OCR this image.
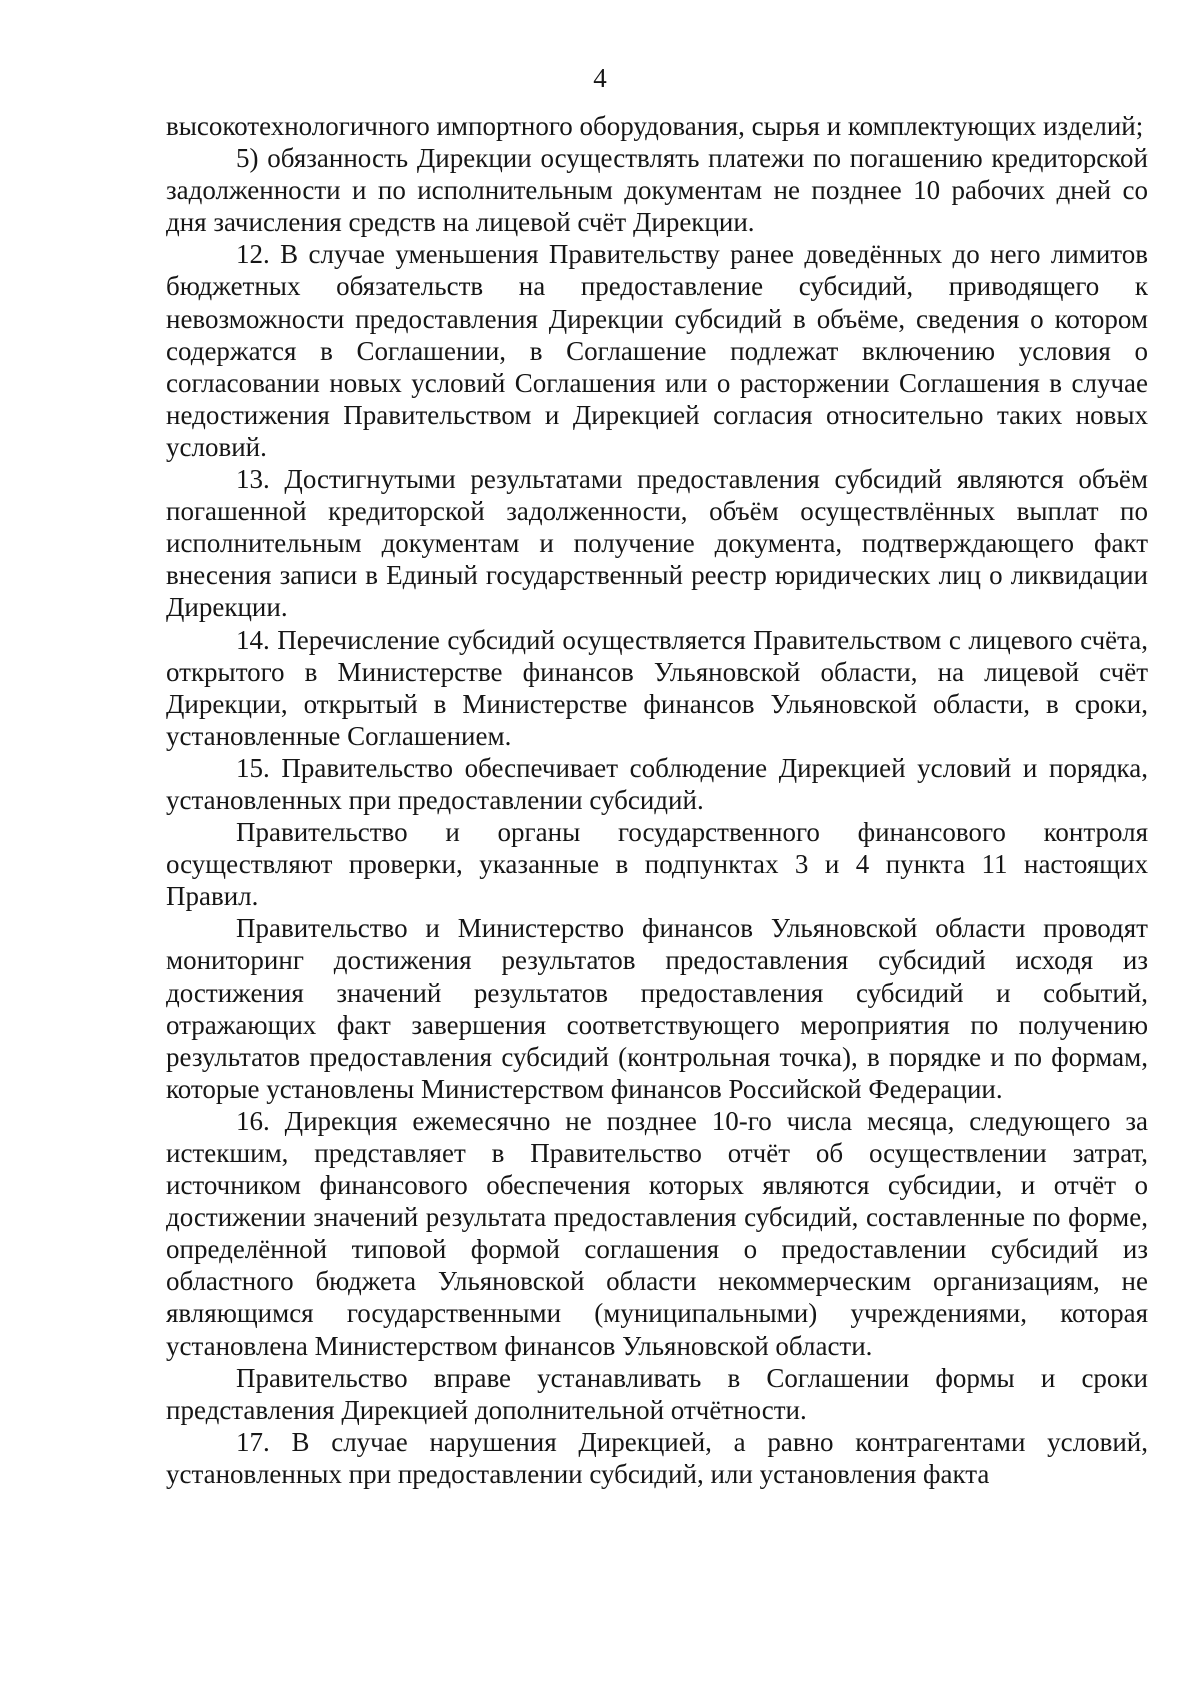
4

высокотехнологичного импортного оборудования, сырья и комплектующих изделий;

5) обязанность Дирекции осуществлять платежи по погашению кредиторской задолженности и по исполнительным документам не позднее 10 рабочих дней со дня зачисления средств на лицевой счёт Дирекции.

12. В случае уменьшения Правительству ранее доведённых до него лимитов бюджетных обязательств на предоставление субсидий, приводящего к невозможности предоставления Дирекции субсидий в объёме, сведения о котором содержатся в Соглашении, в Соглашение подлежат включению условия о согласовании новых условий Соглашения или о расторжении Соглашения в случае недостижения Правительством и Дирекцией согласия относительно таких новых условий.

13. Достигнутыми результатами предоставления субсидий являются объём погашенной кредиторской задолженности, объём осуществлённых выплат по исполнительным документам и получение документа, подтверждающего факт внесения записи в Единый государственный реестр юридических лиц о ликвидации Дирекции.

14. Перечисление субсидий осуществляется Правительством с лицевого счёта, открытого в Министерстве финансов Ульяновской области, на лицевой счёт Дирекции, открытый в Министерстве финансов Ульяновской области, в сроки, установленные Соглашением.

15. Правительство обеспечивает соблюдение Дирекцией условий и порядка, установленных при предоставлении субсидий.

Правительство и органы государственного финансового контроля осуществляют проверки, указанные в подпунктах 3 и 4 пункта 11 настоящих Правил.

Правительство и Министерство финансов Ульяновской области проводят мониторинг достижения результатов предоставления субсидий исходя из достижения значений результатов предоставления субсидий и событий, отражающих факт завершения соответствующего мероприятия по получению результатов предоставления субсидий (контрольная точка), в порядке и по формам, которые установлены Министерством финансов Российской Федерации.

16. Дирекция ежемесячно не позднее 10-го числа месяца, следующего за истекшим, представляет в Правительство отчёт об осуществлении затрат, источником финансового обеспечения которых являются субсидии, и отчёт о достижении значений результата предоставления субсидий, составленные по форме, определённой типовой формой соглашения о предоставлении субсидий из областного бюджета Ульяновской области некоммерческим организациям, не являющимся государственными (муниципальными) учреждениями, которая установлена Министерством финансов Ульяновской области.

Правительство вправе устанавливать в Соглашении формы и сроки представления Дирекцией дополнительной отчётности.

17. В случае нарушения Дирекцией, а равно контрагентами условий, установленных при предоставлении субсидий, или установления факта
